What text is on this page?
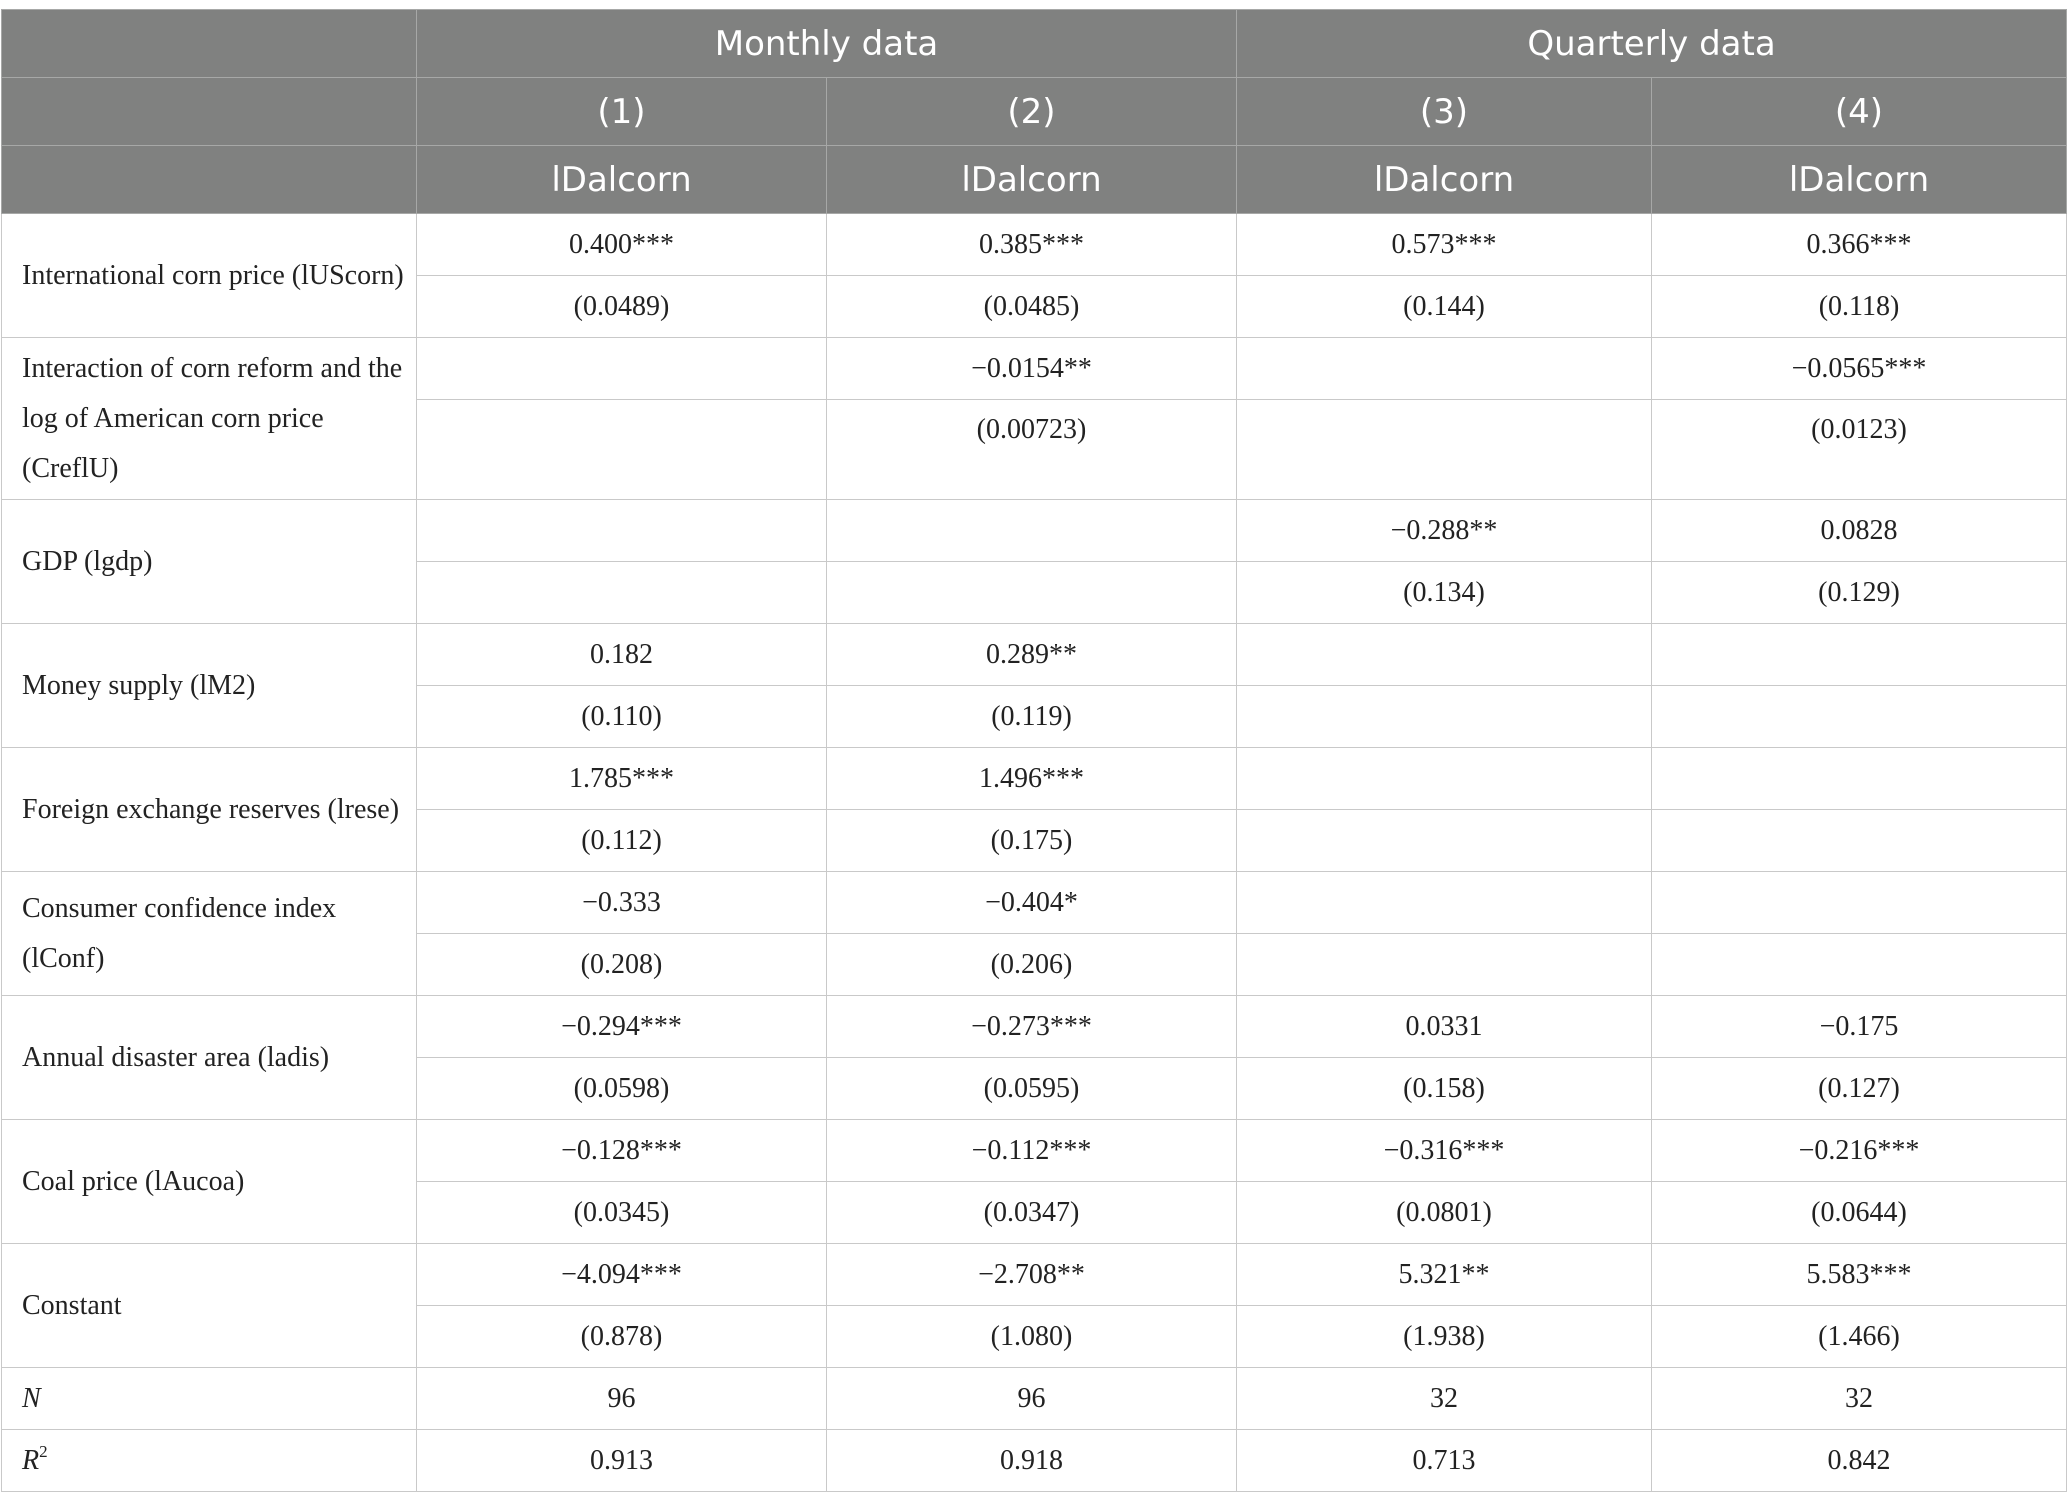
	Monthly data		Quarterly data	
	(1)	(2)	(3)	(4)
	lDalcorn	lDalcorn	lDalcorn	lDalcorn
International corn price (lUScorn)	0.400***	0.385***	0.573***	0.366***
	(0.0489)	(0.0485)	(0.144)	(0.118)
Interaction of corn reform and the log of American corn price (CreflU)		−0.0154**		−0.0565***
		(0.00723)		(0.0123)
GDP (lgdp)			−0.288**	0.0828
			(0.134)	(0.129)
Money supply (lM2)	0.182	0.289**		
	(0.110)	(0.119)		
Foreign exchange reserves (lrese)	1.785***	1.496***		
	(0.112)	(0.175)		
Consumer confidence index (lConf)	−0.333	−0.404*		
	(0.208)	(0.206)		
Annual disaster area (ladis)	−0.294***	−0.273***	0.0331	−0.175
	(0.0598)	(0.0595)	(0.158)	(0.127)
Coal price (lAucoa)	−0.128***	−0.112***	−0.316***	−0.216***
	(0.0345)	(0.0347)	(0.0801)	(0.0644)
Constant	−4.094***	−2.708**	5.321**	5.583***
	(0.878)	(1.080)	(1.938)	(1.466)
N	96	96	32	32
$R^2$	0.913	0.918	0.713	0.842
